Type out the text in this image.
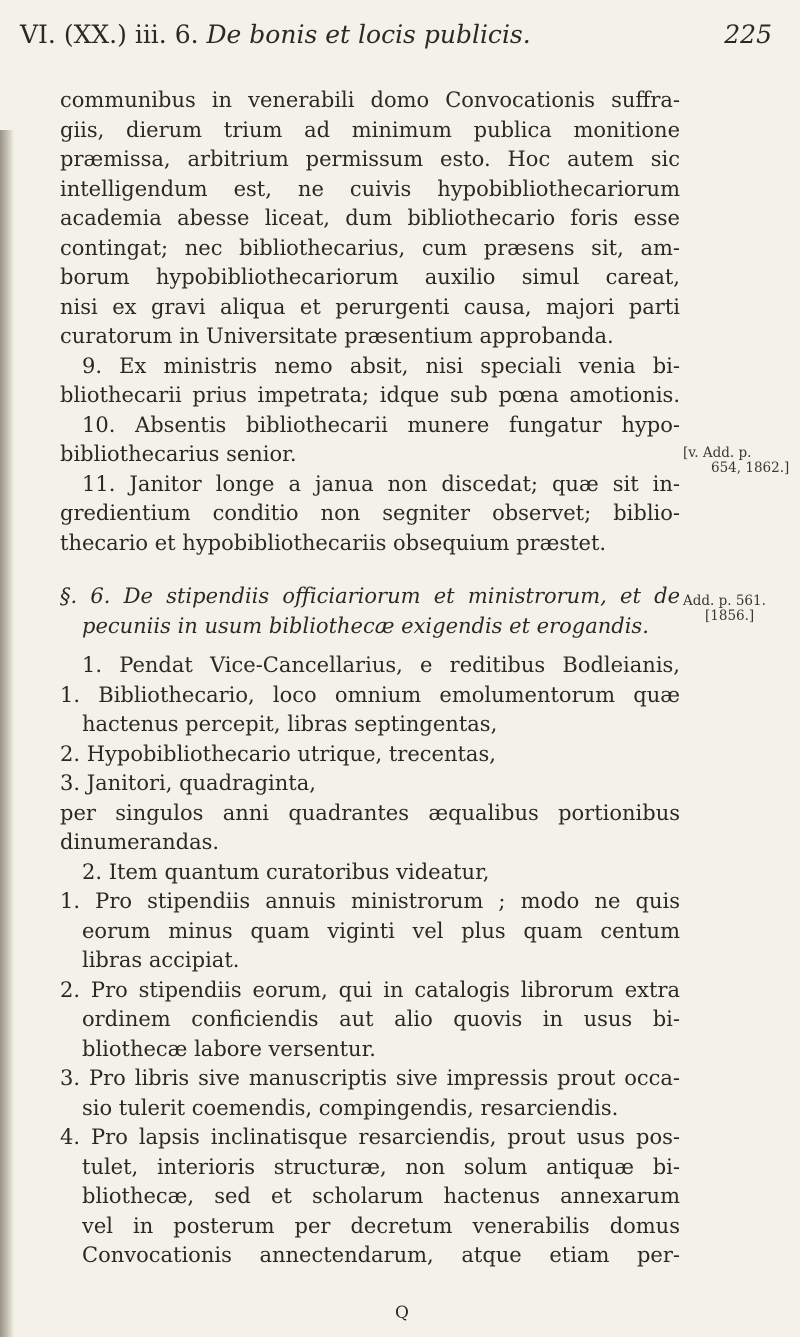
VI. (XX.) iii. 6. De bonis et locis publicis.	225
communibus in venerabili domo Convocationis suffra-
giis, dierum trium ad minimum publica monitione
præmissa, arbitrium permissum esto. Hoc autem sic
intelligendum est, ne cuivis hypobibliothecariorum
academia abesse liceat, dum bibliothecario foris esse
contingat; nec bibliothecarius, cum præsens sit, am-
borum hypobibliothecariorum auxilio simul careat,
nisi ex gravi aliqua et perurgenti causa, majori parti
curatorum in Universitate præsentium approbanda.
9. Ex ministris nemo absit, nisi speciali venia bi-
bliothecarii prius impetrata; idque sub pœna amotionis.
10. Absentis bibliothecarii munere fungatur hypo-
bibliothecarius senior.
11. Janitor longe a janua non discedat; quæ sit in-
gredientium conditio non segniter observet; biblio-
thecario et hypobibliothecariis obsequium præstet.
§. 6. De stipendiis officiariorum et ministrorum, et de
pecuniis in usum bibliothecæ exigendis et erogandis.
1. Pendat Vice-Cancellarius, e reditibus Bodleianis,
1. Bibliothecario, loco omnium emolumentorum quæ
hactenus percepit, libras septingentas,
2. Hypobibliothecario utrique, trecentas,
3. Janitori, quadraginta,
per singulos anni quadrantes æqualibus portionibus
dinumerandas.
2. Item quantum curatoribus videatur,
1. Pro stipendiis annuis ministrorum ; modo ne quis
eorum minus quam viginti vel plus quam centum
libras accipiat.
2. Pro stipendiis eorum, qui in catalogis librorum extra
ordinem conficiendis aut alio quovis in usus bi-
bliothecæ labore versentur.
3. Pro libris sive manuscriptis sive impressis prout occa-
sio tulerit coemendis, compingendis, resarciendis.
4. Pro lapsis inclinatisque resarciendis, prout usus pos-
tulet, interioris structuræ, non solum antiquæ bi-
bliothecæ, sed et scholarum hactenus annexarum
vel in posterum per decretum venerabilis domus
Convocationis annectendarum, atque etiam per-
[v. Add. p.
654, 1862.]
Add. p. 561.
[1856.]
Q
